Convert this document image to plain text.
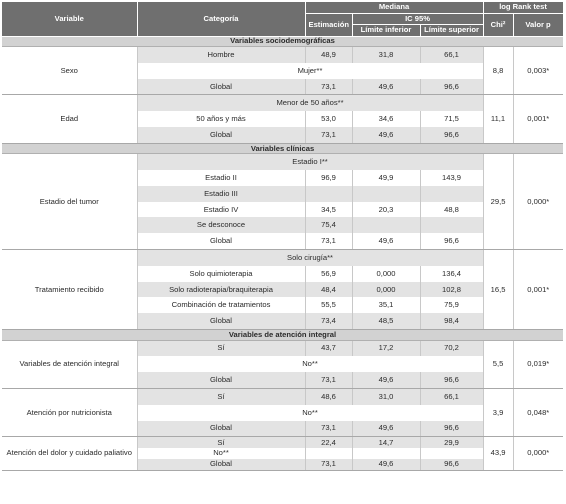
Variable	Categoría	Mediana			log Rank test	
		Estimación	IC 95%		Chi²	Valor p
			Límite inferior	Límite superior		
Variables sociodemográficas						
Sexo	Hombre	48,9	31,8	66,1	8,8	0,003*
	Mujer**					
	Global	73,1	49,6	96,6		
Edad	Menor de 50 años**				11,1	0,001*
	50 años y más	53,0	34,6	71,5		
	Global	73,1	49,6	96,6		
Variables clínicas						
Estadio del tumor	Estadio I**				29,5	0,000*
	Estadio II	96,9	49,9	143,9		
	Estadio III					
	Estadio IV	34,5	20,3	48,8		
	Se desconoce	75,4				
	Global	73,1	49,6	96,6		
Tratamiento recibido	Solo cirugía**				16,5	0,001*
	Solo quimioterapia	56,9	0,000	136,4		
	Solo radioterapia/braquiterapia	48,4	0,000	102,8		
	Combinación de tratamientos	55,5	35,1	75,9		
	Global	73,4	48,5	98,4		
Variables de atención integral						
Variables de atención integral	Sí	43,7	17,2	70,2	5,5	0,019*
	No**					
	Global	73,1	49,6	96,6		
Atención por nutricionista	Sí	48,6	31,0	66,1	3,9	0,048*
	No**					
	Global	73,1	49,6	96,6		
Atención del dolor y cuidado paliativo	Sí	22,4	14,7	29,9	43,9	0,000*
	No**					
	Global	73,1	49,6	96,6		
